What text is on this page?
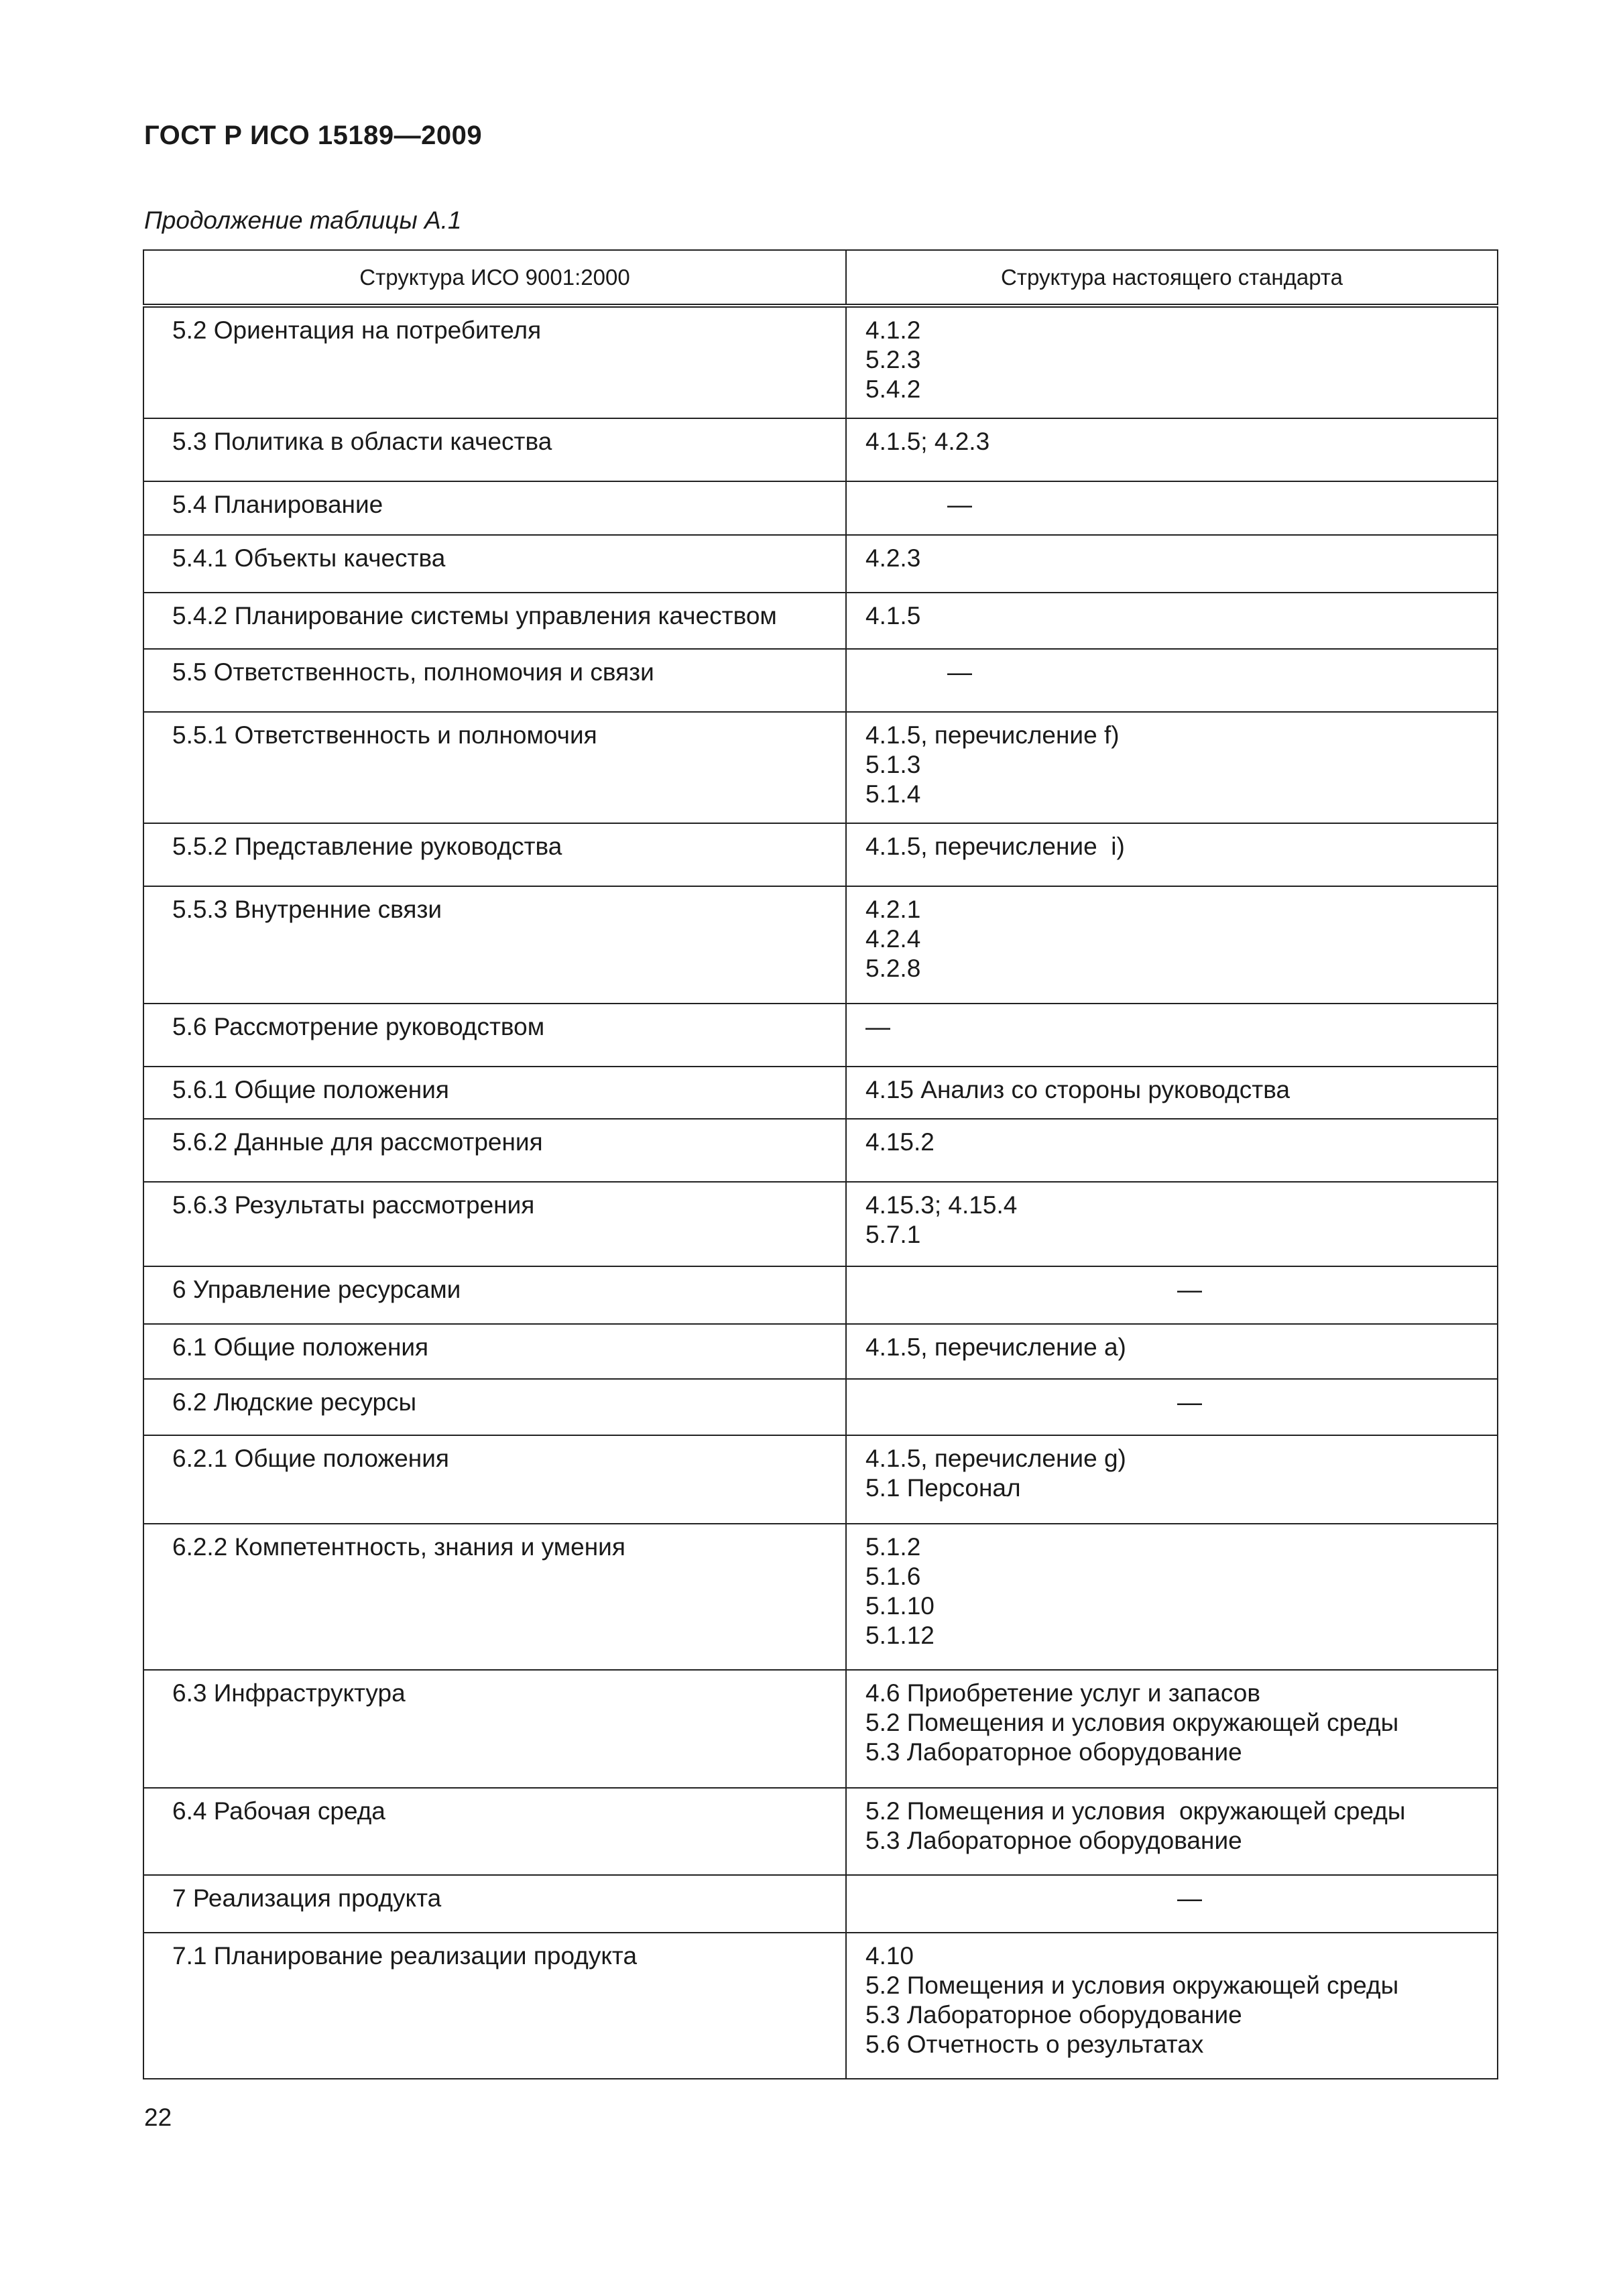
ГОСТ Р ИСО 15189—2009
Продолжение таблицы А.1
Структура ИСО 9001:2000	Структура настоящего стандарта

5.2 Ориентация на потребителя	4.1.2
5.2.3
5.4.2

5.3 Политика в области качества	4.1.5; 4.2.3

5.4 Планирование	—

5.4.1 Объекты качества	4.2.3

5.4.2 Планирование системы управления качеством	4.1.5

5.5 Ответственность, полномочия и связи	—

5.5.1 Ответственность и полномочия	4.1.5, перечисление f)
5.1.3
5.1.4

5.5.2 Представление руководства	4.1.5, перечисление  i)

5.5.3 Внутренние связи	4.2.1
4.2.4
5.2.8

5.6 Рассмотрение руководством	—

5.6.1 Общие положения	4.15 Анализ со стороны руководства

5.6.2 Данные для рассмотрения	4.15.2

5.6.3 Результаты рассмотрения	4.15.3; 4.15.4
5.7.1

6 Управление ресурсами	—

6.1 Общие положения	4.1.5, перечисление а)

6.2 Людские ресурсы	—

6.2.1 Общие положения	4.1.5, перечисление g)
5.1 Персонал

6.2.2 Компетентность, знания и умения	5.1.2
5.1.6
5.1.10
5.1.12

6.3 Инфраструктура	4.6 Приобретение услуг и запасов
5.2 Помещения и условия окружающей среды
5.3 Лабораторное оборудование

6.4 Рабочая среда	5.2 Помещения и условия  окружающей среды
5.3 Лабораторное оборудование

7 Реализация продукта	—

7.1 Планирование реализации продукта	4.10
5.2 Помещения и условия окружающей среды
5.3 Лабораторное оборудование
5.6 Отчетность о результатах
22
